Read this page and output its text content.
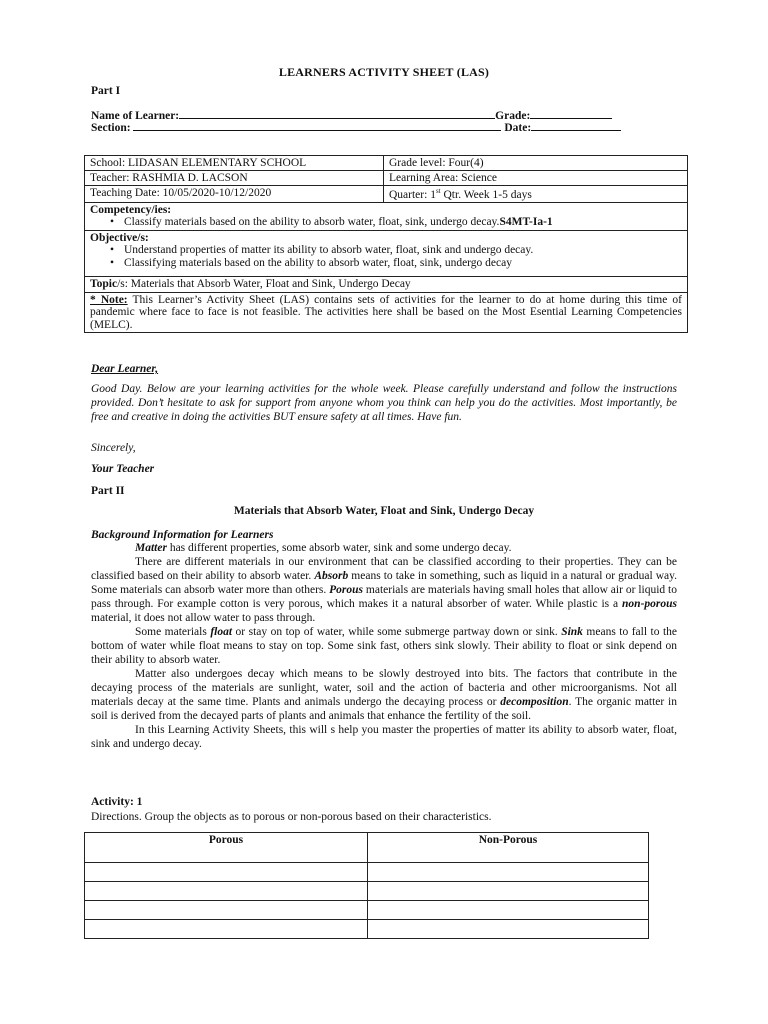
LEARNERS ACTIVITY SHEET (LAS)
Part I
Name of Learner:	Grade:
Section:	Date:
School: LIDASAN ELEMENTARY SCHOOL	Grade level: Four(4)
Teacher: RASHMIA D. LACSON	Learning Area: Science
Teaching Date: 10/05/2020-10/12/2020	Quarter: 1st Qtr. Week 1-5 days
Competency/ies:
• Classify materials based on the ability to absorb water, float, sink, undergo decay.S4MT-Ia-1
Objective/s:
• Understand properties of matter its ability to absorb water, float, sink and undergo decay.
• Classifying materials based on the ability to absorb water, float, sink, undergo decay
Topic/s: Materials that Absorb Water, Float and Sink, Undergo Decay
* Note: This Learner’s Activity Sheet (LAS) contains sets of activities for the learner to do at home during this time of pandemic where face to face is not feasible. The activities here shall be based on the Most Esential Learning Competencies (MELC).
Dear Learner,
Good Day. Below are your learning activities for the whole week. Please carefully understand and follow the instructions provided. Don’t hesitate to ask for support from anyone whom you think can help you do the activities. Most importantly, be free and creative in doing the activities BUT ensure safety at all times. Have fun.
Sincerely,
Your Teacher
Part II
Materials that Absorb Water, Float and Sink, Undergo Decay
Background Information for Learners
Matter has different properties, some absorb water, sink and some undergo decay.
There are different materials in our environment that can be classified according to their properties. They can be classified based on their ability to absorb water. Absorb means to take in something, such as liquid in a natural or gradual way. Some materials can absorb water more than others. Porous materials are materials having small holes that allow air or liquid to pass through. For example cotton is very porous, which makes it a natural absorber of water. While plastic is a non-porous material, it does not allow water to pass through.
Some materials float or stay on top of water, while some submerge partway down or sink. Sink means to fall to the bottom of water while float means to stay on top. Some sink fast, others sink slowly. Their ability to float or sink depend on their ability to absorb water.
Matter also undergoes decay which means to be slowly destroyed into bits. The factors that contribute in the decaying process of the materials are sunlight, water, soil and the action of bacteria and other microorganisms. Not all materials decay at the same time. Plants and animals undergo the decaying process or decomposition. The organic matter in soil is derived from the decayed parts of plants and animals that enhance the fertility of the soil.
In this Learning Activity Sheets, this will s help you master the properties of matter its ability to absorb water, float, sink and undergo decay.
Activity: 1
Directions. Group the objects as to porous or non-porous based on their characteristics.
Porous	Non-Porous
